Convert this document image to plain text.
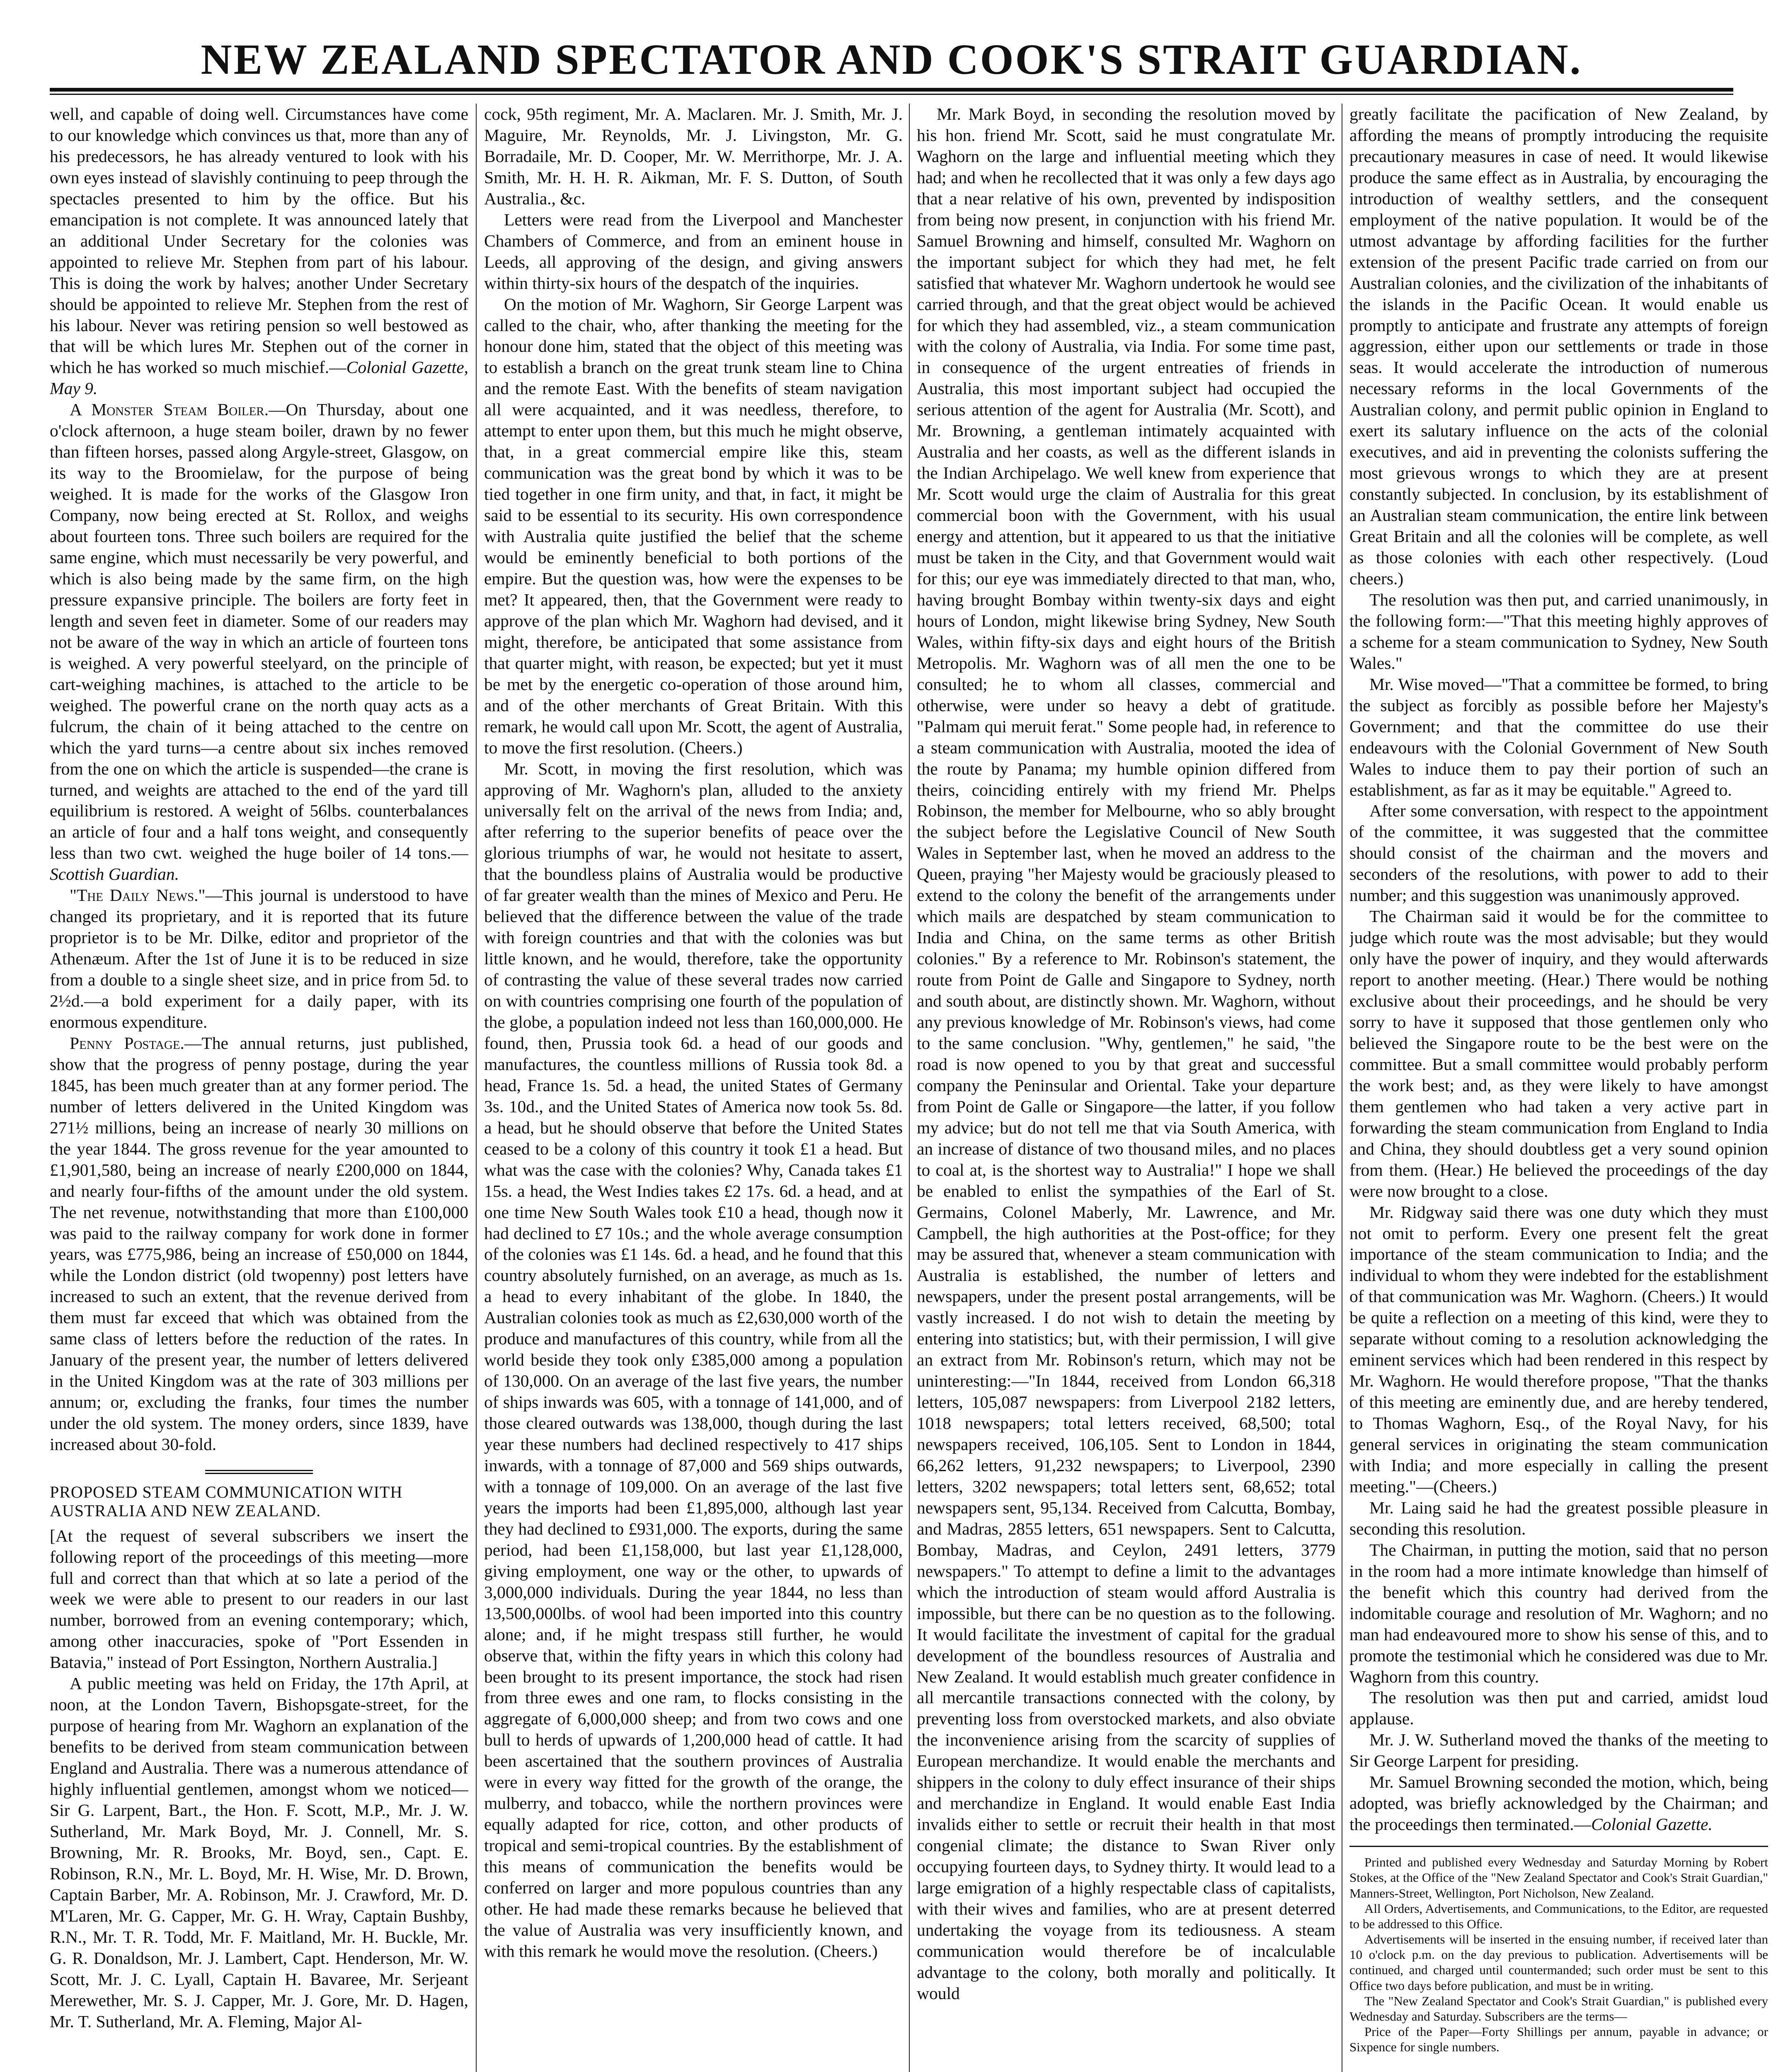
NEW ZEALAND SPECTATOR AND COOK'S STRAIT GUARDIAN.

well, and capable of doing well. Circumstances have come to our knowledge which convinces us that, more than any of his predecessors, he has already ventured to look with his own eyes instead of slavishly continuing to peep through the spectacles presented to him by the office. But his emancipation is not complete. It was announced lately that an additional Under Secretary for the colonies was appointed to relieve Mr. Stephen from part of his labour. This is doing the work by halves; another Under Secretary should be appointed to relieve Mr. Stephen from the rest of his labour. Never was retiring pension so well bestowed as that will be which lures Mr. Stephen out of the corner in which he has worked so much mischief.—Colonial Gazette, May 9.

A Monster Steam Boiler.—On Thursday, about one o'clock afternoon, a huge steam boiler, drawn by no fewer than fifteen horses, passed along Argyle-street, Glasgow, on its way to the Broomielaw, for the purpose of being weighed. It is made for the works of the Glasgow Iron Company, now being erected at St. Rollox, and weighs about fourteen tons. Three such boilers are required for the same engine, which must necessarily be very powerful, and which is also being made by the same firm, on the high pressure expansive principle. The boilers are forty feet in length and seven feet in diameter. Some of our readers may not be aware of the way in which an article of fourteen tons is weighed. A very powerful steelyard, on the principle of cart-weighing machines, is attached to the article to be weighed. The powerful crane on the north quay acts as a fulcrum, the chain of it being attached to the centre on which the yard turns—a centre about six inches removed from the one on which the article is suspended—the crane is turned, and weights are attached to the end of the yard till equilibrium is restored. A weight of 56lbs. counterbalances an article of four and a half tons weight, and consequently less than two cwt. weighed the huge boiler of 14 tons.—Scottish Guardian.

"The Daily News."—This journal is understood to have changed its proprietary, and it is reported that its future proprietor is to be Mr. Dilke, editor and proprietor of the Athenæum. After the 1st of June it is to be reduced in size from a double to a single sheet size, and in price from 5d. to 2½d.—a bold experiment for a daily paper, with its enormous expenditure.

Penny Postage.—The annual returns, just published, show that the progress of penny postage, during the year 1845, has been much greater than at any former period. The number of letters delivered in the United Kingdom was 271½ millions, being an increase of nearly 30 millions on the year 1844. The gross revenue for the year amounted to £1,901,580, being an increase of nearly £200,000 on 1844, and nearly four-fifths of the amount under the old system. The net revenue, notwithstanding that more than £100,000 was paid to the railway company for work done in former years, was £775,986, being an increase of £50,000 on 1844, while the London district (old twopenny) post letters have increased to such an extent, that the revenue derived from them must far exceed that which was obtained from the same class of letters before the reduction of the rates. In January of the present year, the number of letters delivered in the United Kingdom was at the rate of 303 millions per annum; or, excluding the franks, four times the number under the old system. The money orders, since 1839, have increased about 30-fold.

PROPOSED STEAM COMMUNICATION WITH AUSTRALIA AND NEW ZEALAND.

[At the request of several subscribers we insert the following report of the proceedings of this meeting—more full and correct than that which at so late a period of the week we were able to present to our readers in our last number, borrowed from an evening contemporary; which, among other inaccuracies, spoke of "Port Essenden in Batavia," instead of Port Essington, Northern Australia.]

A public meeting was held on Friday, the 17th April, at noon, at the London Tavern, Bishopsgate-street, for the purpose of hearing from Mr. Waghorn an explanation of the benefits to be derived from steam communication between England and Australia. There was a numerous attendance of highly influential gentlemen, amongst whom we noticed—Sir G. Larpent, Bart., the Hon. F. Scott, M.P., Mr. J. W. Sutherland, Mr. Mark Boyd, Mr. J. Connell, Mr. S. Browning, Mr. R. Brooks, Mr. Boyd, sen., Capt. E. Robinson, R.N., Mr. L. Boyd, Mr. H. Wise, Mr. D. Brown, Captain Barber, Mr. A. Robinson, Mr. J. Crawford, Mr. D. M'Laren, Mr. G. Capper, Mr. G. H. Wray, Captain Bushby, R.N., Mr. T. R. Todd, Mr. F. Maitland, Mr. H. Buckle, Mr. G. R. Donaldson, Mr. J. Lambert, Capt. Henderson, Mr. W. Scott, Mr. J. C. Lyall, Captain H. Bavaree, Mr. Serjeant Merewether, Mr. S. J. Capper, Mr. J. Gore, Mr. D. Hagen, Mr. T. Sutherland, Mr. A. Fleming, Major Al-

cock, 95th regiment, Mr. A. Maclaren. Mr. J. Smith, Mr. J. Maguire, Mr. Reynolds, Mr. J. Livingston, Mr. G. Borradaile, Mr. D. Cooper, Mr. W. Merrithorpe, Mr. J. A. Smith, Mr. H. H. R. Aikman, Mr. F. S. Dutton, of South Australia., &c.

Letters were read from the Liverpool and Manchester Chambers of Commerce, and from an eminent house in Leeds, all approving of the design, and giving answers within thirty-six hours of the despatch of the inquiries.

On the motion of Mr. Waghorn, Sir George Larpent was called to the chair, who, after thanking the meeting for the honour done him, stated that the object of this meeting was to establish a branch on the great trunk steam line to China and the remote East. With the benefits of steam navigation all were acquainted, and it was needless, therefore, to attempt to enter upon them, but this much he might observe, that, in a great commercial empire like this, steam communication was the great bond by which it was to be tied together in one firm unity, and that, in fact, it might be said to be essential to its security. His own correspondence with Australia quite justified the belief that the scheme would be eminently beneficial to both portions of the empire. But the question was, how were the expenses to be met? It appeared, then, that the Government were ready to approve of the plan which Mr. Waghorn had devised, and it might, therefore, be anticipated that some assistance from that quarter might, with reason, be expected; but yet it must be met by the energetic co-operation of those around him, and of the other merchants of Great Britain. With this remark, he would call upon Mr. Scott, the agent of Australia, to move the first resolution. (Cheers.)

Mr. Scott, in moving the first resolution, which was approving of Mr. Waghorn's plan, alluded to the anxiety universally felt on the arrival of the news from India; and, after referring to the superior benefits of peace over the glorious triumphs of war, he would not hesitate to assert, that the boundless plains of Australia would be productive of far greater wealth than the mines of Mexico and Peru. He believed that the difference between the value of the trade with foreign countries and that with the colonies was but little known, and he would, therefore, take the opportunity of contrasting the value of these several trades now carried on with countries comprising one fourth of the population of the globe, a population indeed not less than 160,000,000. He found, then, Prussia took 6d. a head of our goods and manufactures, the countless millions of Russia took 8d. a head, France 1s. 5d. a head, the united States of Germany 3s. 10d., and the United States of America now took 5s. 8d. a head, but he should observe that before the United States ceased to be a colony of this country it took £1 a head. But what was the case with the colonies? Why, Canada takes £1 15s. a head, the West Indies takes £2 17s. 6d. a head, and at one time New South Wales took £10 a head, though now it had declined to £7 10s.; and the whole average consumption of the colonies was £1 14s. 6d. a head, and he found that this country absolutely furnished, on an average, as much as 1s. a head to every inhabitant of the globe. In 1840, the Australian colonies took as much as £2,630,000 worth of the produce and manufactures of this country, while from all the world beside they took only £385,000 among a population of 130,000. On an average of the last five years, the number of ships inwards was 605, with a tonnage of 141,000, and of those cleared outwards was 138,000, though during the last year these numbers had declined respectively to 417 ships inwards, with a tonnage of 87,000 and 569 ships outwards, with a tonnage of 109,000. On an average of the last five years the imports had been £1,895,000, although last year they had declined to £931,000. The exports, during the same period, had been £1,158,000, but last year £1,128,000, giving employment, one way or the other, to upwards of 3,000,000 individuals. During the year 1844, no less than 13,500,000lbs. of wool had been imported into this country alone; and, if he might trespass still further, he would observe that, within the fifty years in which this colony had been brought to its present importance, the stock had risen from three ewes and one ram, to flocks consisting in the aggregate of 6,000,000 sheep; and from two cows and one bull to herds of upwards of 1,200,000 head of cattle. It had been ascertained that the southern provinces of Australia were in every way fitted for the growth of the orange, the mulberry, and tobacco, while the northern provinces were equally adapted for rice, cotton, and other products of tropical and semi-tropical countries. By the establishment of this means of communication the benefits would be conferred on larger and more populous countries than any other. He had made these remarks because he believed that the value of Australia was very insufficiently known, and with this remark he would move the resolution. (Cheers.)

Mr. Mark Boyd, in seconding the resolution moved by his hon. friend Mr. Scott, said he must congratulate Mr. Waghorn on the large and influential meeting which they had; and when he recollected that it was only a few days ago that a near relative of his own, prevented by indisposition from being now present, in conjunction with his friend Mr. Samuel Browning and himself, consulted Mr. Waghorn on the important subject for which they had met, he felt satisfied that whatever Mr. Waghorn undertook he would see carried through, and that the great object would be achieved for which they had assembled, viz., a steam communication with the colony of Australia, via India. For some time past, in consequence of the urgent entreaties of friends in Australia, this most important subject had occupied the serious attention of the agent for Australia (Mr. Scott), and Mr. Browning, a gentleman intimately acquainted with Australia and her coasts, as well as the different islands in the Indian Archipelago. We well knew from experience that Mr. Scott would urge the claim of Australia for this great commercial boon with the Government, with his usual energy and attention, but it appeared to us that the initiative must be taken in the City, and that Government would wait for this; our eye was immediately directed to that man, who, having brought Bombay within twenty-six days and eight hours of London, might likewise bring Sydney, New South Wales, within fifty-six days and eight hours of the British Metropolis. Mr. Waghorn was of all men the one to be consulted; he to whom all classes, commercial and otherwise, were under so heavy a debt of gratitude. "Palmam qui meruit ferat." Some people had, in reference to a steam communication with Australia, mooted the idea of the route by Panama; my humble opinion differed from theirs, coinciding entirely with my friend Mr. Phelps Robinson, the member for Melbourne, who so ably brought the subject before the Legislative Council of New South Wales in September last, when he moved an address to the Queen, praying "her Majesty would be graciously pleased to extend to the colony the benefit of the arrangements under which mails are despatched by steam communication to India and China, on the same terms as other British colonies." By a reference to Mr. Robinson's statement, the route from Point de Galle and Singapore to Sydney, north and south about, are distinctly shown. Mr. Waghorn, without any previous knowledge of Mr. Robinson's views, had come to the same conclusion. "Why, gentlemen," he said, "the road is now opened to you by that great and successful company the Peninsular and Oriental. Take your departure from Point de Galle or Singapore—the latter, if you follow my advice; but do not tell me that via South America, with an increase of distance of two thousand miles, and no places to coal at, is the shortest way to Australia!" I hope we shall be enabled to enlist the sympathies of the Earl of St. Germains, Colonel Maberly, Mr. Lawrence, and Mr. Campbell, the high authorities at the Post-office; for they may be assured that, whenever a steam communication with Australia is established, the number of letters and newspapers, under the present postal arrangements, will be vastly increased. I do not wish to detain the meeting by entering into statistics; but, with their permission, I will give an extract from Mr. Robinson's return, which may not be uninteresting:—"In 1844, received from London 66,318 letters, 105,087 newspapers: from Liverpool 2182 letters, 1018 newspapers; total letters received, 68,500; total newspapers received, 106,105. Sent to London in 1844, 66,262 letters, 91,232 newspapers; to Liverpool, 2390 letters, 3202 newspapers; total letters sent, 68,652; total newspapers sent, 95,134. Received from Calcutta, Bombay, and Madras, 2855 letters, 651 newspapers. Sent to Calcutta, Bombay, Madras, and Ceylon, 2491 letters, 3779 newspapers." To attempt to define a limit to the advantages which the introduction of steam would afford Australia is impossible, but there can be no question as to the following. It would facilitate the investment of capital for the gradual development of the boundless resources of Australia and New Zealand. It would establish much greater confidence in all mercantile transactions connected with the colony, by preventing loss from overstocked markets, and also obviate the inconvenience arising from the scarcity of supplies of European merchandize. It would enable the merchants and shippers in the colony to duly effect insurance of their ships and merchandize in England. It would enable East India invalids either to settle or recruit their health in that most congenial climate; the distance to Swan River only occupying fourteen days, to Sydney thirty. It would lead to a large emigration of a highly respectable class of capitalists, with their wives and families, who are at present deterred undertaking the voyage from its tediousness. A steam communication would therefore be of incalculable advantage to the colony, both morally and politically. It would

greatly facilitate the pacification of New Zealand, by affording the means of promptly introducing the requisite precautionary measures in case of need. It would likewise produce the same effect as in Australia, by encouraging the introduction of wealthy settlers, and the consequent employment of the native population. It would be of the utmost advantage by affording facilities for the further extension of the present Pacific trade carried on from our Australian colonies, and the civilization of the inhabitants of the islands in the Pacific Ocean. It would enable us promptly to anticipate and frustrate any attempts of foreign aggression, either upon our settlements or trade in those seas. It would accelerate the introduction of numerous necessary reforms in the local Governments of the Australian colony, and permit public opinion in England to exert its salutary influence on the acts of the colonial executives, and aid in preventing the colonists suffering the most grievous wrongs to which they are at present constantly subjected. In conclusion, by its establishment of an Australian steam communication, the entire link between Great Britain and all the colonies will be complete, as well as those colonies with each other respectively. (Loud cheers.)

The resolution was then put, and carried unanimously, in the following form:—"That this meeting highly approves of a scheme for a steam communication to Sydney, New South Wales."

Mr. Wise moved—"That a committee be formed, to bring the subject as forcibly as possible before her Majesty's Government; and that the committee do use their endeavours with the Colonial Government of New South Wales to induce them to pay their portion of such an establishment, as far as it may be equitable." Agreed to.

After some conversation, with respect to the appointment of the committee, it was suggested that the committee should consist of the chairman and the movers and seconders of the resolutions, with power to add to their number; and this suggestion was unanimously approved.

The Chairman said it would be for the committee to judge which route was the most advisable; but they would only have the power of inquiry, and they would afterwards report to another meeting. (Hear.) There would be nothing exclusive about their proceedings, and he should be very sorry to have it supposed that those gentlemen only who believed the Singapore route to be the best were on the committee. But a small committee would probably perform the work best; and, as they were likely to have amongst them gentlemen who had taken a very active part in forwarding the steam communication from England to India and China, they should doubtless get a very sound opinion from them. (Hear.) He believed the proceedings of the day were now brought to a close.

Mr. Ridgway said there was one duty which they must not omit to perform. Every one present felt the great importance of the steam communication to India; and the individual to whom they were indebted for the establishment of that communication was Mr. Waghorn. (Cheers.) It would be quite a reflection on a meeting of this kind, were they to separate without coming to a resolution acknowledging the eminent services which had been rendered in this respect by Mr. Waghorn. He would therefore propose, "That the thanks of this meeting are eminently due, and are hereby tendered, to Thomas Waghorn, Esq., of the Royal Navy, for his general services in originating the steam communication with India; and more especially in calling the present meeting."—(Cheers.)

Mr. Laing said he had the greatest possible pleasure in seconding this resolution.

The Chairman, in putting the motion, said that no person in the room had a more intimate knowledge than himself of the benefit which this country had derived from the indomitable courage and resolution of Mr. Waghorn; and no man had endeavoured more to show his sense of this, and to promote the testimonial which he considered was due to Mr. Waghorn from this country.

The resolution was then put and carried, amidst loud applause.

Mr. J. W. Sutherland moved the thanks of the meeting to Sir George Larpent for presiding.

Mr. Samuel Browning seconded the motion, which, being adopted, was briefly acknowledged by the Chairman; and the proceedings then terminated.—Colonial Gazette.

Printed and published every Wednesday and Saturday Morning by Robert Stokes, at the Office of the "New Zealand Spectator and Cook's Strait Guardian," Manners-Street, Wellington, Port Nicholson, New Zealand.

All Orders, Advertisements, and Communications, to the Editor, are requested to be addressed to this Office.

Advertisements will be inserted in the ensuing number, if received later than 10 o'clock p.m. on the day previous to publication. Advertisements will be continued, and charged until countermanded; such order must be sent to this Office two days before publication, and must be in writing.

The "New Zealand Spectator and Cook's Strait Guardian," is published every Wednesday and Saturday. Subscribers are the terms—

Price of the Paper—Forty Shillings per annum, payable in advance; or Sixpence for single numbers.
